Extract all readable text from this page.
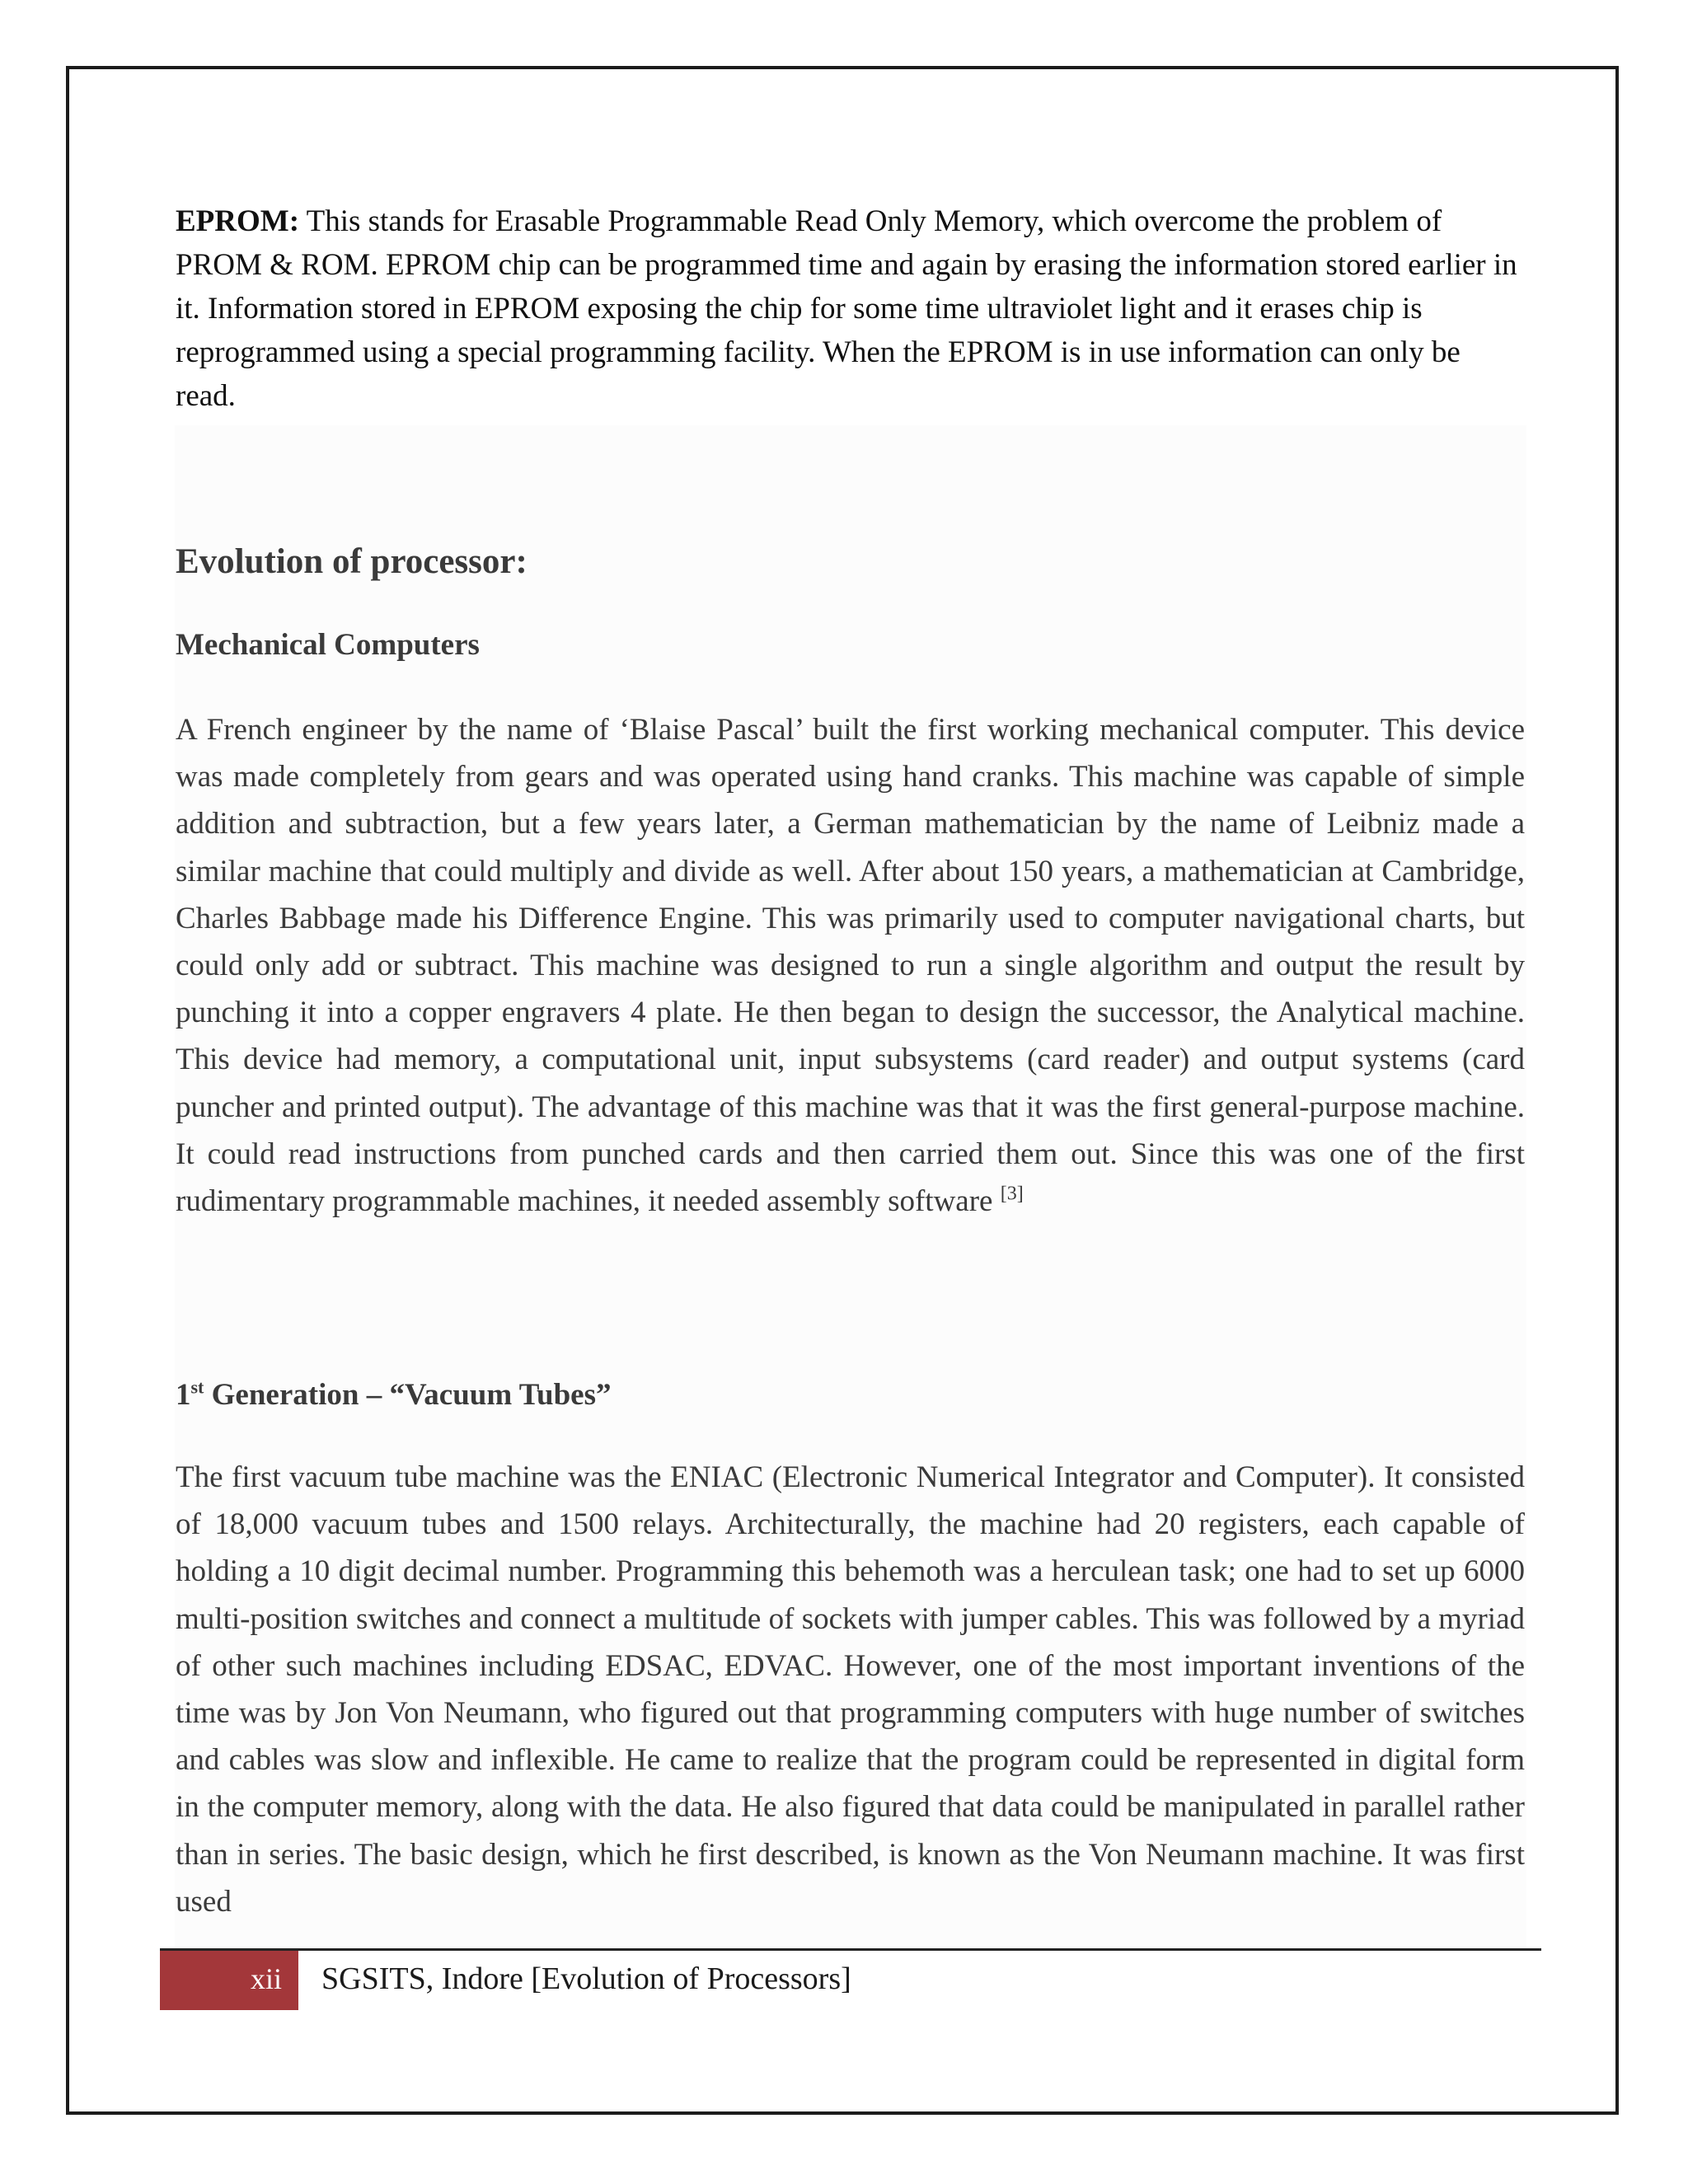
EPROM: This stands for Erasable Programmable Read Only Memory, which overcome the problem of PROM & ROM. EPROM chip can be programmed time and again by erasing the information stored earlier in it. Information stored in EPROM exposing the chip for some time ultraviolet light and it erases chip is reprogrammed using a special programming facility. When the EPROM is in use information can only be read.

Evolution of processor:
Mechanical Computers

A French engineer by the name of ‘Blaise Pascal’ built the first working mechanical computer. This device was made completely from gears and was operated using hand cranks. This machine was capable of simple addition and subtraction, but a few years later, a German mathematician by the name of Leibniz made a similar machine that could multiply and divide as well. After about 150 years, a mathematician at Cambridge, Charles Babbage made his Difference Engine. This was primarily used to computer navigational charts, but could only add or subtract. This machine was designed to run a single algorithm and output the result by punching it into a copper engravers 4 plate. He then began to design the successor, the Analytical machine. This device had memory, a computational unit, input subsystems (card reader) and output systems (card puncher and printed output). The advantage of this machine was that it was the first general-purpose machine. It could read instructions from punched cards and then carried them out. Since this was one of the first rudimentary programmable machines, it needed assembly software [3]

1st Generation – “Vacuum Tubes”

The first vacuum tube machine was the ENIAC (Electronic Numerical Integrator and Computer). It consisted of 18,000 vacuum tubes and 1500 relays. Architecturally, the machine had 20 registers, each capable of holding a 10 digit decimal number. Programming this behemoth was a herculean task; one had to set up 6000 multi-position switches and connect a multitude of sockets with jumper cables. This was followed by a myriad of other such machines including EDSAC, EDVAC. However, one of the most important inventions of the time was by Jon Von Neumann, who figured out that programming computers with huge number of switches and cables was slow and inflexible. He came to realize that the program could be represented in digital form in the computer memory, along with the data. He also figured that data could be manipulated in parallel rather than in series. The basic design, which he first described, is known as the Von Neumann machine. It was first used

xii	SGSITS, Indore [Evolution of Processors]
